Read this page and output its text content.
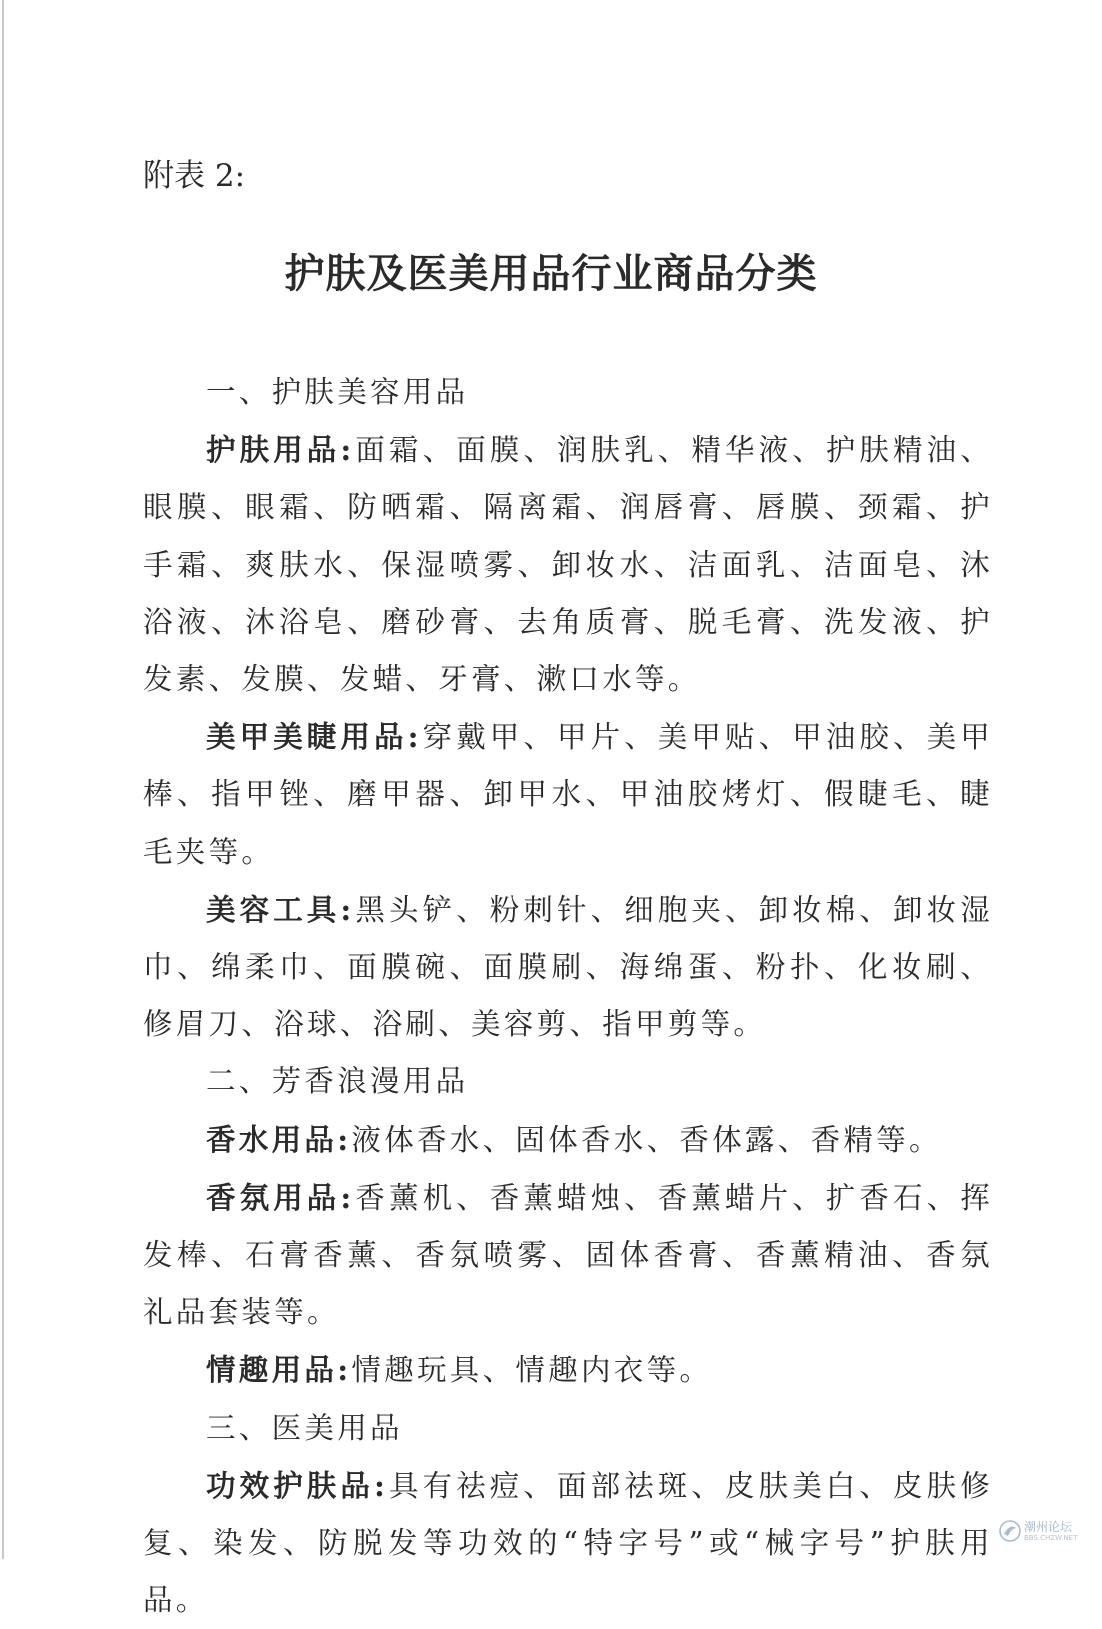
附表 2:
护肤及医美用品行业商品分类

一、护肤美容用品

护肤用品:面霜、面膜、润肤乳、精华液、护肤精油、眼膜、眼霜、防晒霜、隔离霜、润唇膏、唇膜、颈霜、护手霜、爽肤水、保湿喷雾、卸妆水、洁面乳、洁面皂、沐浴液、沐浴皂、磨砂膏、去角质膏、脱毛膏、洗发液、护发素、发膜、发蜡、牙膏、漱口水等。

美甲美睫用品:穿戴甲、甲片、美甲贴、甲油胶、美甲棒、指甲锉、磨甲器、卸甲水、甲油胶烤灯、假睫毛、睫毛夹等。

美容工具:黑头铲、粉刺针、细胞夹、卸妆棉、卸妆湿巾、绵柔巾、面膜碗、面膜刷、海绵蛋、粉扑、化妆刷、修眉刀、浴球、浴刷、美容剪、指甲剪等。

二、芳香浪漫用品

香水用品:液体香水、固体香水、香体露、香精等。

香氛用品:香薰机、香薰蜡烛、香薰蜡片、扩香石、挥发棒、石膏香薰、香氛喷雾、固体香膏、香薰精油、香氛礼品套装等。

情趣用品:情趣玩具、情趣内衣等。

三、医美用品

功效护肤品:具有祛痘、面部祛斑、皮肤美白、皮肤修复、染发、防脱发等功效的“特字号”或“械字号”护肤用品。

潮州论坛
BBS.CHZW.NET
